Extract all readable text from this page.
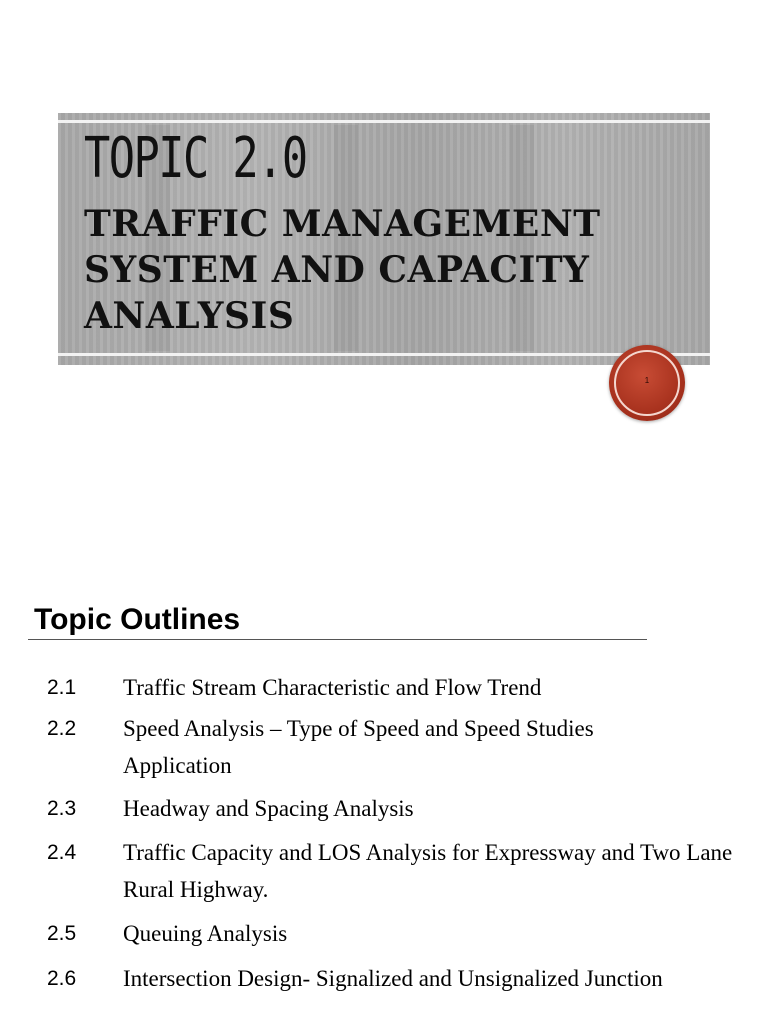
TOPIC 2.0
TRAFFIC MANAGEMENT SYSTEM AND CAPACITY ANALYSIS
1
Topic Outlines
2.1 Traffic Stream Characteristic and Flow Trend
2.2 Speed Analysis – Type of Speed and Speed Studies Application
2.3 Headway and Spacing Analysis
2.4 Traffic Capacity and LOS Analysis for Expressway and Two Lane Rural Highway.
2.5 Queuing Analysis
2.6 Intersection Design- Signalized and Unsignalized Junction
